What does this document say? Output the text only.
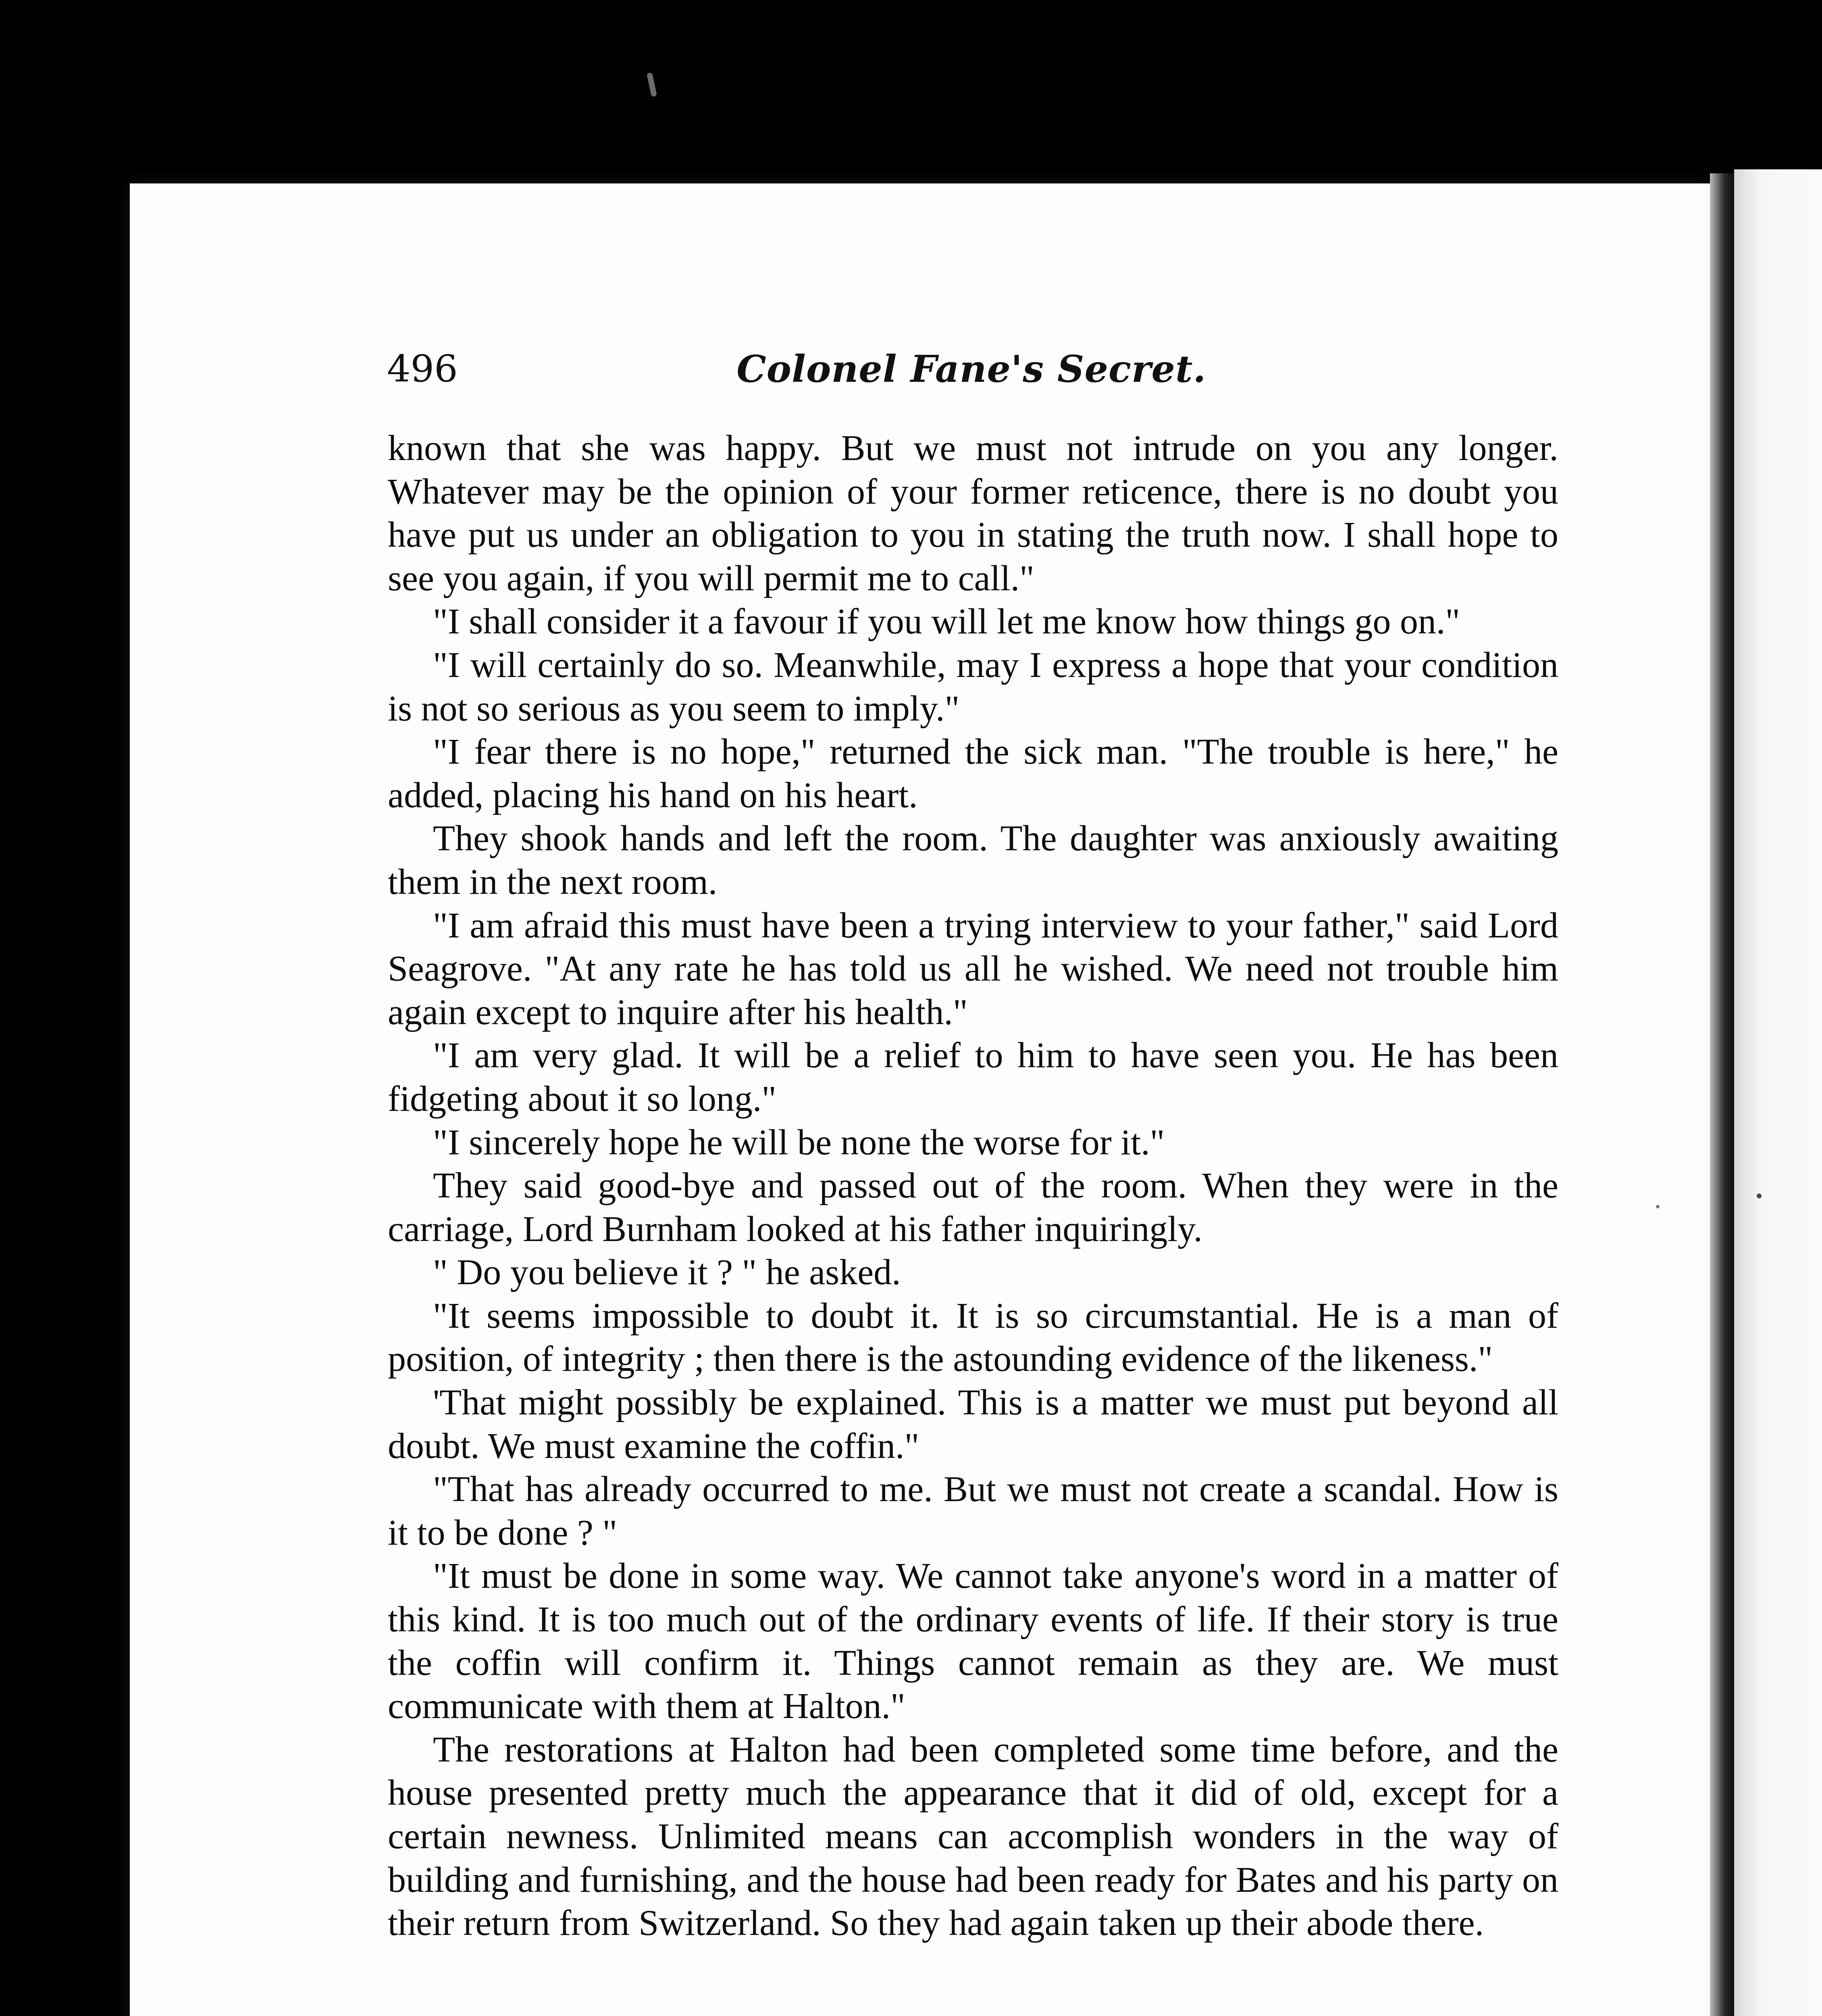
496	Colonel Fane's Secret.

known that she was happy. But we must not intrude on you any longer. Whatever may be the opinion of your former reticence, there is no doubt you have put us under an obligation to you in stating the truth now. I shall hope to see you again, if you will permit me to call."

"I shall consider it a favour if you will let me know how things go on."

"I will certainly do so. Meanwhile, may I express a hope that your condition is not so serious as you seem to imply."

"I fear there is no hope," returned the sick man. "The trouble is here," he added, placing his hand on his heart.

They shook hands and left the room. The daughter was anxiously awaiting them in the next room.

"I am afraid this must have been a trying interview to your father," said Lord Seagrove. "At any rate he has told us all he wished. We need not trouble him again except to inquire after his health."

"I am very glad. It will be a relief to him to have seen you. He has been fidgeting about it so long."

"I sincerely hope he will be none the worse for it."

They said good-bye and passed out of the room. When they were in the carriage, Lord Burnham looked at his father inquiringly.

" Do you believe it ? " he asked.

"It seems impossible to doubt it. It is so circumstantial. He is a man of position, of integrity ; then there is the astounding evidence of the likeness."

'That might possibly be explained. This is a matter we must put beyond all doubt. We must examine the coffin."

"That has already occurred to me. But we must not create a scandal. How is it to be done ? "

"It must be done in some way. We cannot take anyone's word in a matter of this kind. It is too much out of the ordinary events of life. If their story is true the coffin will confirm it. Things cannot remain as they are. We must communicate with them at Halton."

The restorations at Halton had been completed some time before, and the house presented pretty much the appearance that it did of old, except for a certain newness. Unlimited means can accomplish wonders in the way of building and furnishing, and the house had been ready for Bates and his party on their return from Switzerland. So they had again taken up their abode there.
